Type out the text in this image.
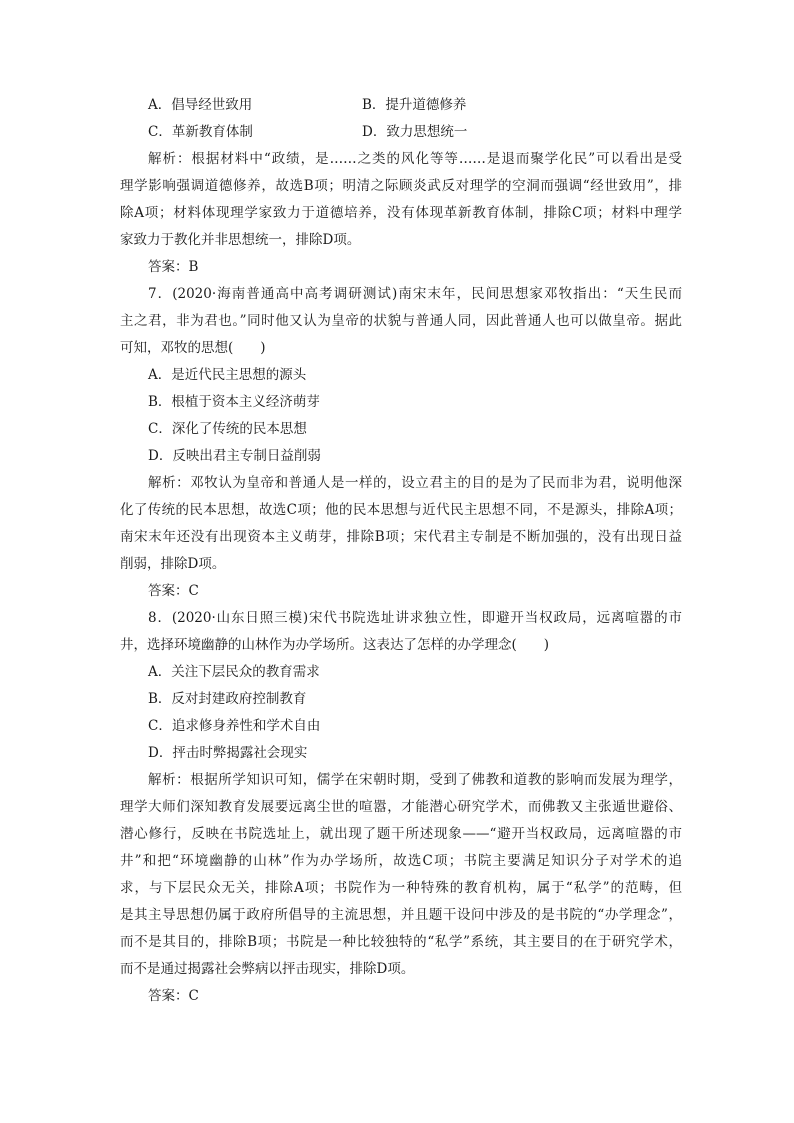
A．倡导经世致用	B．提升道德修养
C．革新教育体制	D．致力思想统一
解析：根据材料中“政绩，是……之类的风化等等……是退而聚学化民”可以看出是受
理学影响强调道德修养，故选B项；明清之际顾炎武反对理学的空洞而强调“经世致用”，排
除A项；材料体现理学家致力于道德培养，没有体现革新教育体制，排除C项；材料中理学
家致力于教化并非思想统一，排除D项。
答案：B
7．(2020·海南普通高中高考调研测试)南宋末年，民间思想家邓牧指出：“天生民而
主之君，非为君也。”同时他又认为皇帝的状貌与普通人同，因此普通人也可以做皇帝。据此
可知，邓牧的思想(　　)
A．是近代民主思想的源头
B．根植于资本主义经济萌芽
C．深化了传统的民本思想
D．反映出君主专制日益削弱
解析：邓牧认为皇帝和普通人是一样的，设立君主的目的是为了民而非为君，说明他深
化了传统的民本思想，故选C项；他的民本思想与近代民主思想不同，不是源头，排除A项；
南宋末年还没有出现资本主义萌芽，排除B项；宋代君主专制是不断加强的，没有出现日益
削弱，排除D项。
答案：C
8．(2020·山东日照三模)宋代书院选址讲求独立性，即避开当权政局，远离喧嚣的市
井，选择环境幽静的山林作为办学场所。这表达了怎样的办学理念(　　)
A．关注下层民众的教育需求
B．反对封建政府控制教育
C．追求修身养性和学术自由
D．抨击时弊揭露社会现实
解析：根据所学知识可知，儒学在宋朝时期，受到了佛教和道教的影响而发展为理学，
理学大师们深知教育发展要远离尘世的喧嚣，才能潜心研究学术，而佛教又主张遁世避俗、
潜心修行，反映在书院选址上，就出现了题干所述现象——“避开当权政局，远离喧嚣的市
井”和把“环境幽静的山林”作为办学场所，故选C项；书院主要满足知识分子对学术的追
求，与下层民众无关，排除A项；书院作为一种特殊的教育机构，属于“私学”的范畴，但
是其主导思想仍属于政府所倡导的主流思想，并且题干设问中涉及的是书院的“办学理念”，
而不是其目的，排除B项；书院是一种比较独特的“私学”系统，其主要目的在于研究学术，
而不是通过揭露社会弊病以抨击现实，排除D项。
答案：C
